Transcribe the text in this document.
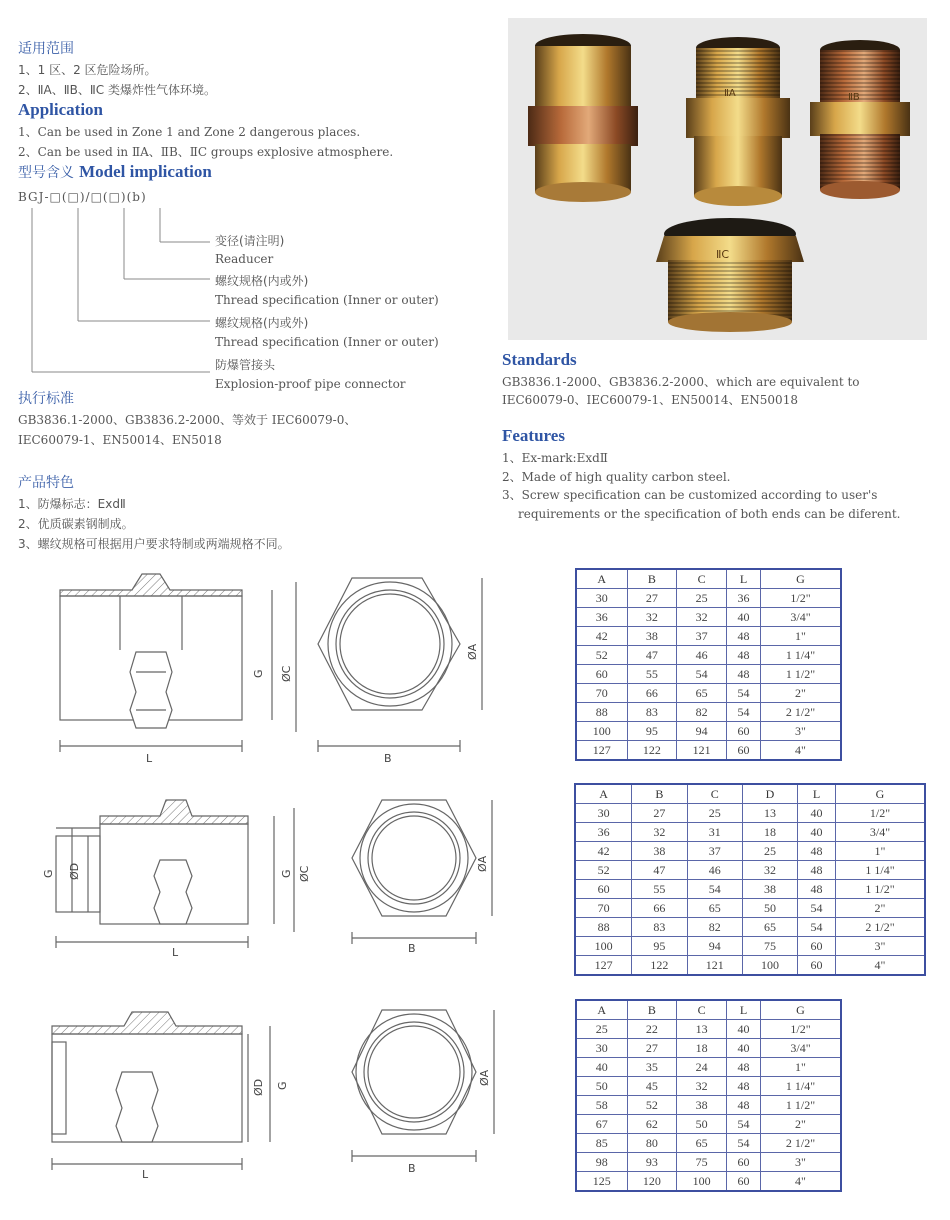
适用范围
1、1 区、2 区危险场所。
2、ⅡA、ⅡB、ⅡC 类爆炸性气体环境。
Application
1、Can be used in Zone 1 and Zone 2 dangerous places.
2、Can be used in ⅡA、ⅡB、ⅡC groups explosive atmosphere.
型号含义 Model implication
BGJ-□(□)/□(□)(b)
变径(请注明)
Readucer
螺纹规格(内或外)
Thread specification (Inner or outer)
螺纹规格(内或外)
Thread specification (Inner or outer)
防爆管接头
Explosion-proof pipe connector
执行标准
GB3836.1-2000、GB3836.2-2000、等效于 IEC60079-0、
IEC60079-1、EN50014、EN5018
产品特色
1、防爆标志：ExdⅡ
2、优质碳素钢制成。
3、螺纹规格可根据用户要求特制或两端规格不同。
ⅡA	ⅡB
ⅡC
Standards
GB3836.1-2000、GB3836.2-2000、which are equivalent to
IEC60079-0、IEC60079-1、EN50014、EN50018
Features
1、Ex-mark:ExdⅡ
2、Made of high quality carbon steel.
3、Screw specification can be customized according to user's
requirements or the specification of both ends can be diferent.
L
G ØC
B
ØA
L
G ØD	G ØC
B
ØA
L
ØD G
B
ØA
A	B	C	L	G
30	27	25	36	1/2"
36	32	32	40	3/4"
42	38	37	48	1"
52	47	46	48	1 1/4"
60	55	54	48	1 1/2"
70	66	65	54	2"
88	83	82	54	2 1/2"
100	95	94	60	3"
127	122	121	60	4"
A	B	C	D	L	G
30	27	25	13	40	1/2"
36	32	31	18	40	3/4"
42	38	37	25	48	1"
52	47	46	32	48	1 1/4"
60	55	54	38	48	1 1/2"
70	66	65	50	54	2"
88	83	82	65	54	2 1/2"
100	95	94	75	60	3"
127	122	121	100	60	4"
A	B	C	L	G
25	22	13	40	1/2"
30	27	18	40	3/4"
40	35	24	48	1"
50	45	32	48	1 1/4"
58	52	38	48	1 1/2"
67	62	50	54	2"
85	80	65	54	2 1/2"
98	93	75	60	3"
125	120	100	60	4"
